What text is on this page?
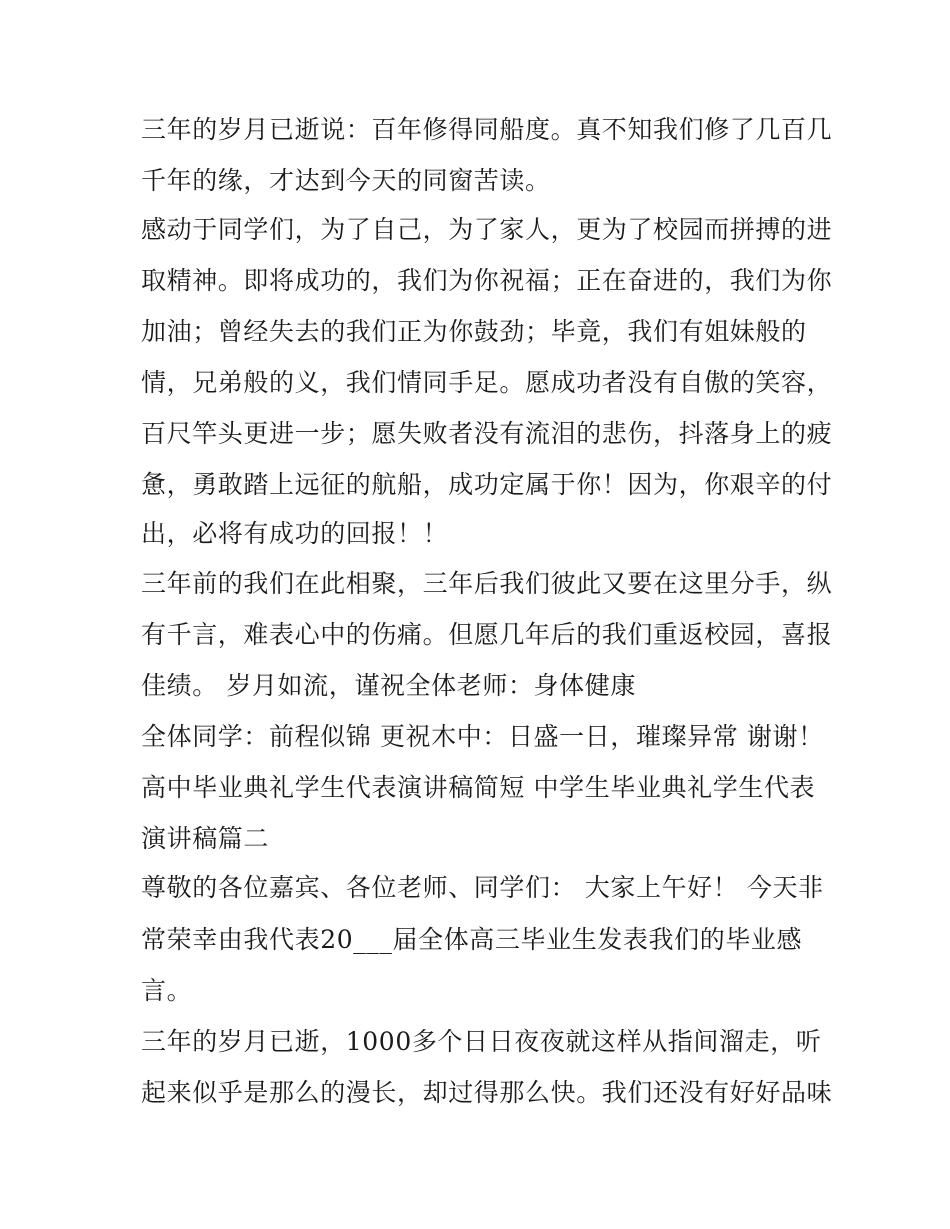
三年的岁月已逝说：百年修得同船度。真不知我们修了几百几
千年的缘，才达到今天的同窗苦读。
感动于同学们，为了自己，为了家人，更为了校园而拼搏的进
取精神。即将成功的，我们为你祝福；正在奋进的，我们为你
加油；曾经失去的我们正为你鼓劲；毕竟，我们有姐妹般的
情，兄弟般的义，我们情同手足。愿成功者没有自傲的笑容，
百尺竿头更进一步；愿失败者没有流泪的悲伤，抖落身上的疲
惫，勇敢踏上远征的航船，成功定属于你！因为，你艰辛的付
出，必将有成功的回报！！
三年前的我们在此相聚，三年后我们彼此又要在这里分手，纵
有千言，难表心中的伤痛。但愿几年后的我们重返校园，喜报
佳绩。 岁月如流，谨祝全体老师：身体健康
全体同学：前程似锦 更祝木中：日盛一日，璀璨异常 谢谢！
高中毕业典礼学生代表演讲稿简短 中学生毕业典礼学生代表
演讲稿篇二
尊敬的各位嘉宾、各位老师、同学们： 大家上午好！ 今天非
常荣幸由我代表20___届全体高三毕业生发表我们的毕业感
言。
三年的岁月已逝，1000多个日日夜夜就这样从指间溜走，听
起来似乎是那么的漫长，却过得那么快。我们还没有好好品味
